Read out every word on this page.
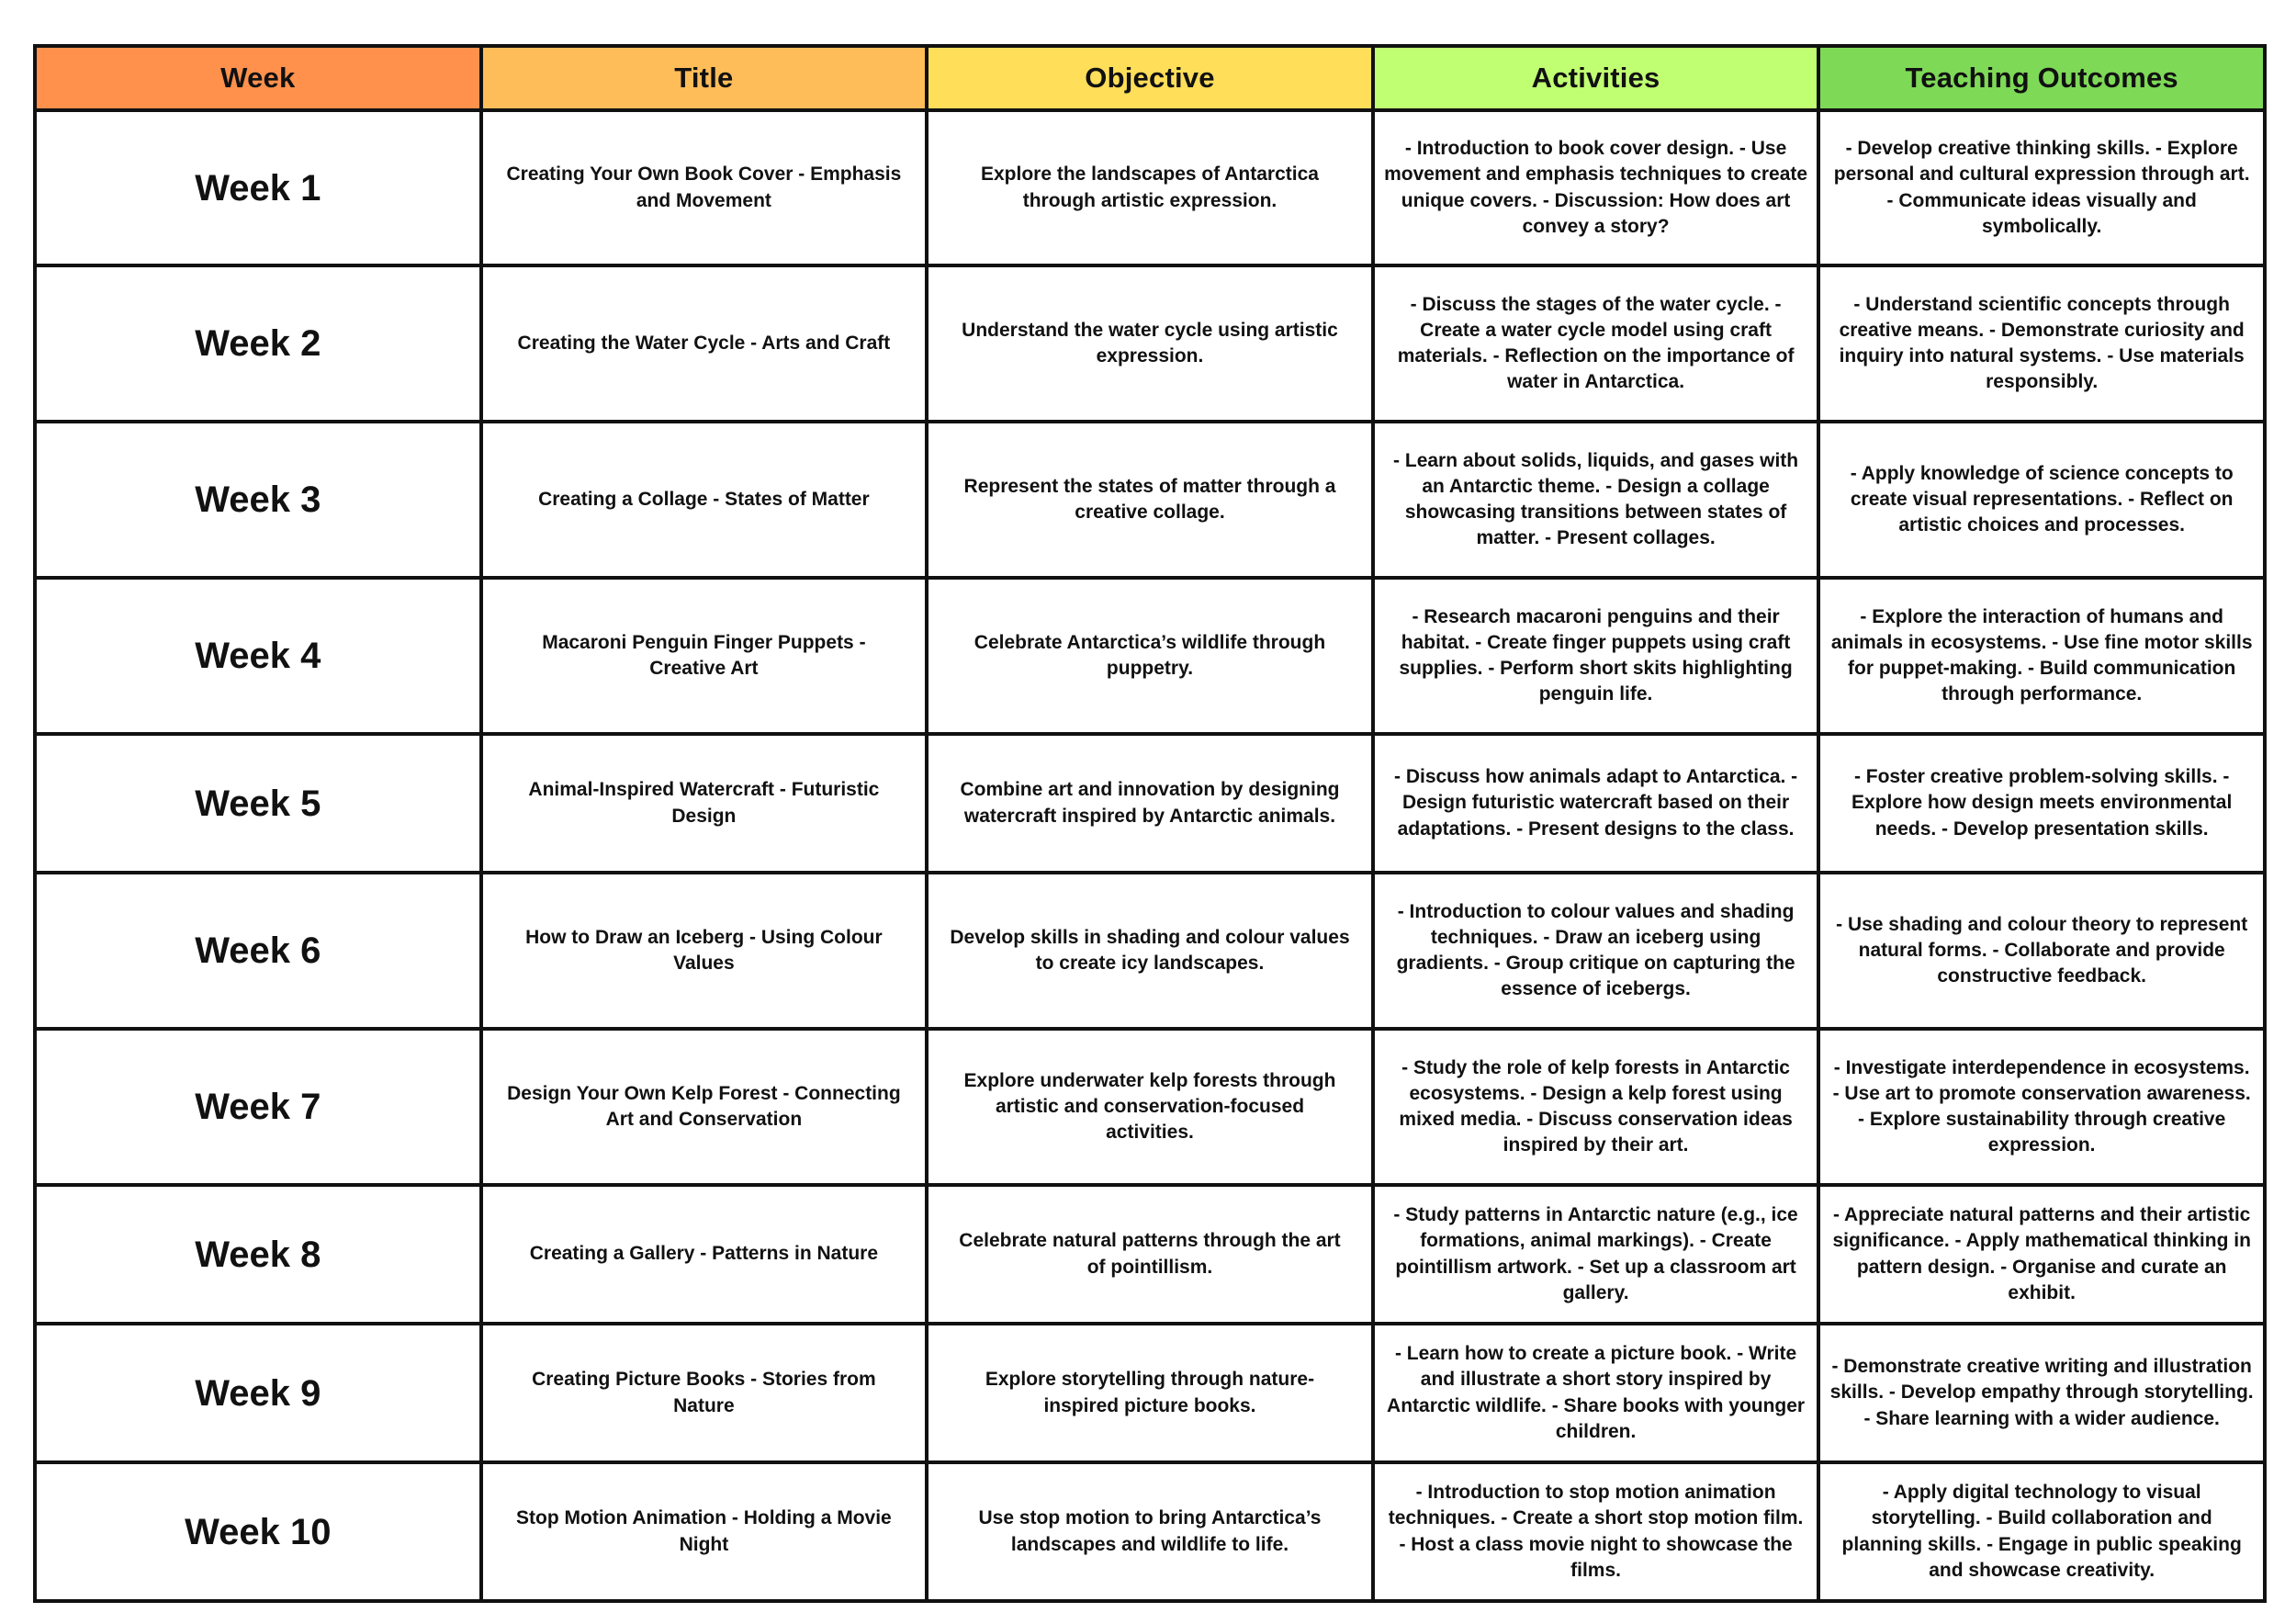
Week	Title	Objective	Activities	Teaching Outcomes
Week 1	Creating Your Own Book Cover - Emphasis and Movement	Explore the landscapes of Antarctica through artistic expression.	- Introduction to book cover design. - Use movement and emphasis techniques to create unique covers. - Discussion: How does art convey a story?	- Develop creative thinking skills. - Explore personal and cultural expression through art. - Communicate ideas visually and symbolically.
Week 2	Creating the Water Cycle - Arts and Craft	Understand the water cycle using artistic expression.	- Discuss the stages of the water cycle. - Create a water cycle model using craft materials. - Reflection on the importance of water in Antarctica.	- Understand scientific concepts through creative means. - Demonstrate curiosity and inquiry into natural systems. - Use materials responsibly.
Week 3	Creating a Collage - States of Matter	Represent the states of matter through a creative collage.	- Learn about solids, liquids, and gases with an Antarctic theme. - Design a collage showcasing transitions between states of matter. - Present collages.	- Apply knowledge of science concepts to create visual representations. - Reflect on artistic choices and processes.
Week 4	Macaroni Penguin Finger Puppets - Creative Art	Celebrate Antarctica’s wildlife through puppetry.	- Research macaroni penguins and their habitat. - Create finger puppets using craft supplies. - Perform short skits highlighting penguin life.	- Explore the interaction of humans and animals in ecosystems. - Use fine motor skills for puppet-making. - Build communication through performance.
Week 5	Animal-Inspired Watercraft - Futuristic Design	Combine art and innovation by designing watercraft inspired by Antarctic animals.	- Discuss how animals adapt to Antarctica. - Design futuristic watercraft based on their adaptations. - Present designs to the class.	- Foster creative problem-solving skills. - Explore how design meets environmental needs. - Develop presentation skills.
Week 6	How to Draw an Iceberg - Using Colour Values	Develop skills in shading and colour values to create icy landscapes.	- Introduction to colour values and shading techniques. - Draw an iceberg using gradients. - Group critique on capturing the essence of icebergs.	- Use shading and colour theory to represent natural forms. - Collaborate and provide constructive feedback.
Week 7	Design Your Own Kelp Forest - Connecting Art and Conservation	Explore underwater kelp forests through artistic and conservation-focused activities.	- Study the role of kelp forests in Antarctic ecosystems. - Design a kelp forest using mixed media. - Discuss conservation ideas inspired by their art.	- Investigate interdependence in ecosystems. - Use art to promote conservation awareness. - Explore sustainability through creative expression.
Week 8	Creating a Gallery - Patterns in Nature	Celebrate natural patterns through the art of pointillism.	- Study patterns in Antarctic nature (e.g., ice formations, animal markings). - Create pointillism artwork. - Set up a classroom art gallery.	- Appreciate natural patterns and their artistic significance. - Apply mathematical thinking in pattern design. - Organise and curate an exhibit.
Week 9	Creating Picture Books - Stories from Nature	Explore storytelling through nature-inspired picture books.	- Learn how to create a picture book. - Write and illustrate a short story inspired by Antarctic wildlife. - Share books with younger children.	- Demonstrate creative writing and illustration skills. - Develop empathy through storytelling. - Share learning with a wider audience.
Week 10	Stop Motion Animation - Holding a Movie Night	Use stop motion to bring Antarctica’s landscapes and wildlife to life.	- Introduction to stop motion animation techniques. - Create a short stop motion film. - Host a class movie night to showcase the films.	- Apply digital technology to visual storytelling. - Build collaboration and planning skills. - Engage in public speaking and showcase creativity.
